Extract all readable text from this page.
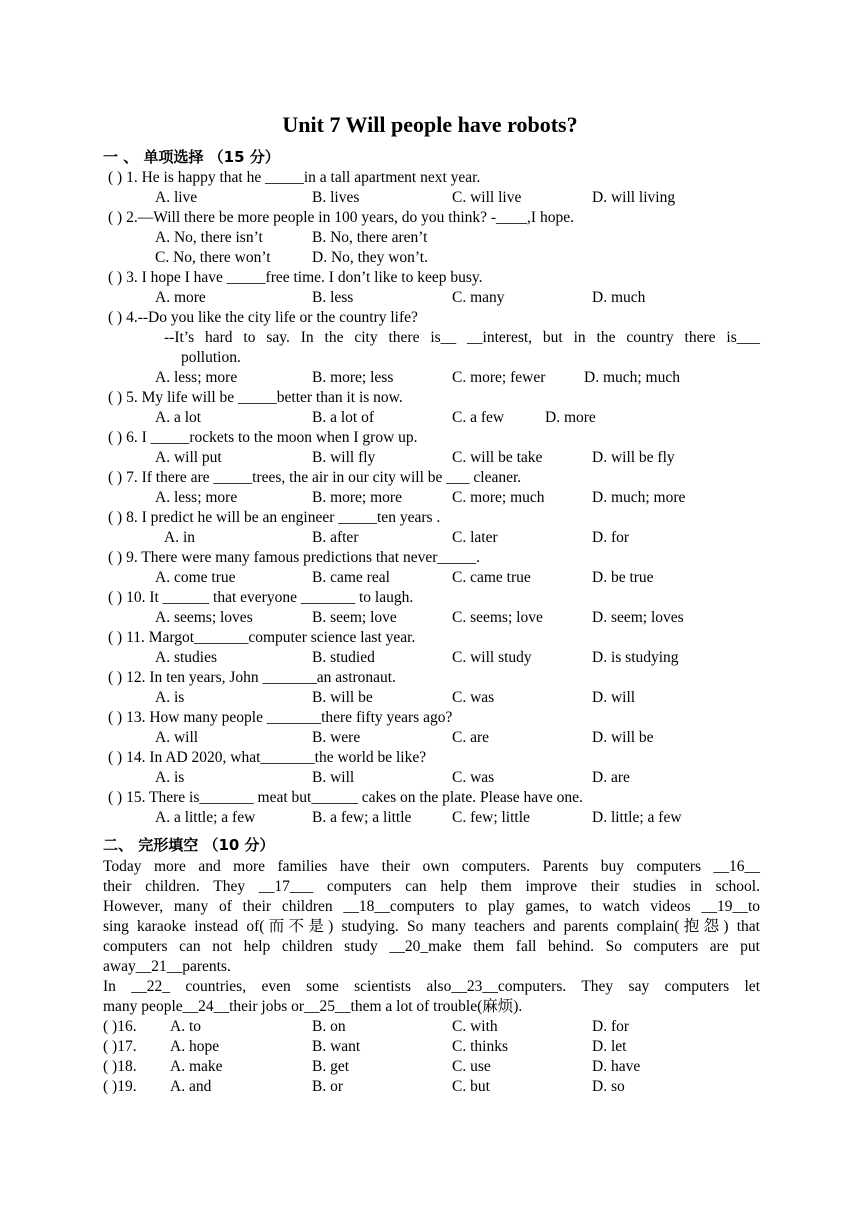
Unit 7 Will people have robots?
一 、 单项选择 （15 分）
( ) 1. He is happy that he _____in a tall apartment next year.
A. live	B. lives	C. will live	D. will living
( ) 2.—Will there be more people in 100 years, do you think? -____,I hope.
A. No, there isn’t	B. No, there aren’t
C. No, there won’t	D. No, they won’t.
( ) 3. I hope I have _____free time. I don’t like to keep busy.
A. more	B. less	C. many	D. much
( ) 4.--Do you like the city life or the country life?
--It’s hard to say. In the city there is__ __interest, but in the country there is___
pollution.
A. less; more	B. more; less	C. more; fewer D. much; much
( ) 5. My life will be _____better than it is now.
A. a lot	B. a lot of	C. a few	D. more
( ) 6. I _____rockets to the moon when I grow up.
A. will put	B. will fly	C. will be take	D. will be fly
( ) 7. If there are _____trees, the air in our city will be ___ cleaner.
A. less; more	B. more; more	C. more; much	D. much; more
( ) 8. I predict he will be an engineer _____ten years .
A. in	B. after	C. later	D. for
( ) 9. There were many famous predictions that never_____.
A. come true	B. came real	C. came true	D. be true
( ) 10. It ______ that everyone _______ to laugh.
A. seems; loves	B. seem; love	C. seems; love	D. seem; loves
( ) 11. Margot_______computer science last year.
A. studies	B. studied	C. will study	D. is studying
( ) 12. In ten years, John _______an astronaut.
A. is	B. will be	C. was	D. will
( ) 13. How many people _______there fifty years ago?
A. will	B. were	C. are	D. will be
( ) 14. In AD 2020, what_______the world be like?
A. is	B. will	C. was	D. are
( ) 15. There is_______ meat but______ cakes on the plate. Please have one.
A. a little; a few	B. a few; a little	C. few; little	D. little; a few
二、 完形填空 （10 分）
Today more and more families have their own computers. Parents buy computers __16__
their children. They __17___ computers can help them improve their studies in school.
However, many of their children __18__computers to play games, to watch videos __19__to
sing karaoke instead of(而不是) studying. So many teachers and parents complain(抱怨) that
computers can not help children study __20_make them fall behind. So computers are put
away__21__parents.
In __22_ countries, even some scientists also__23__computers. They say computers let
many people__24__their jobs or__25__them a lot of trouble(麻烦).
( )16. A. to	B. on	C. with	D. for
( )17. A. hope	B. want	C. thinks	D. let
( )18. A. make	B. get	C. use	D. have
( )19. A. and	B. or	C. but	D. so
